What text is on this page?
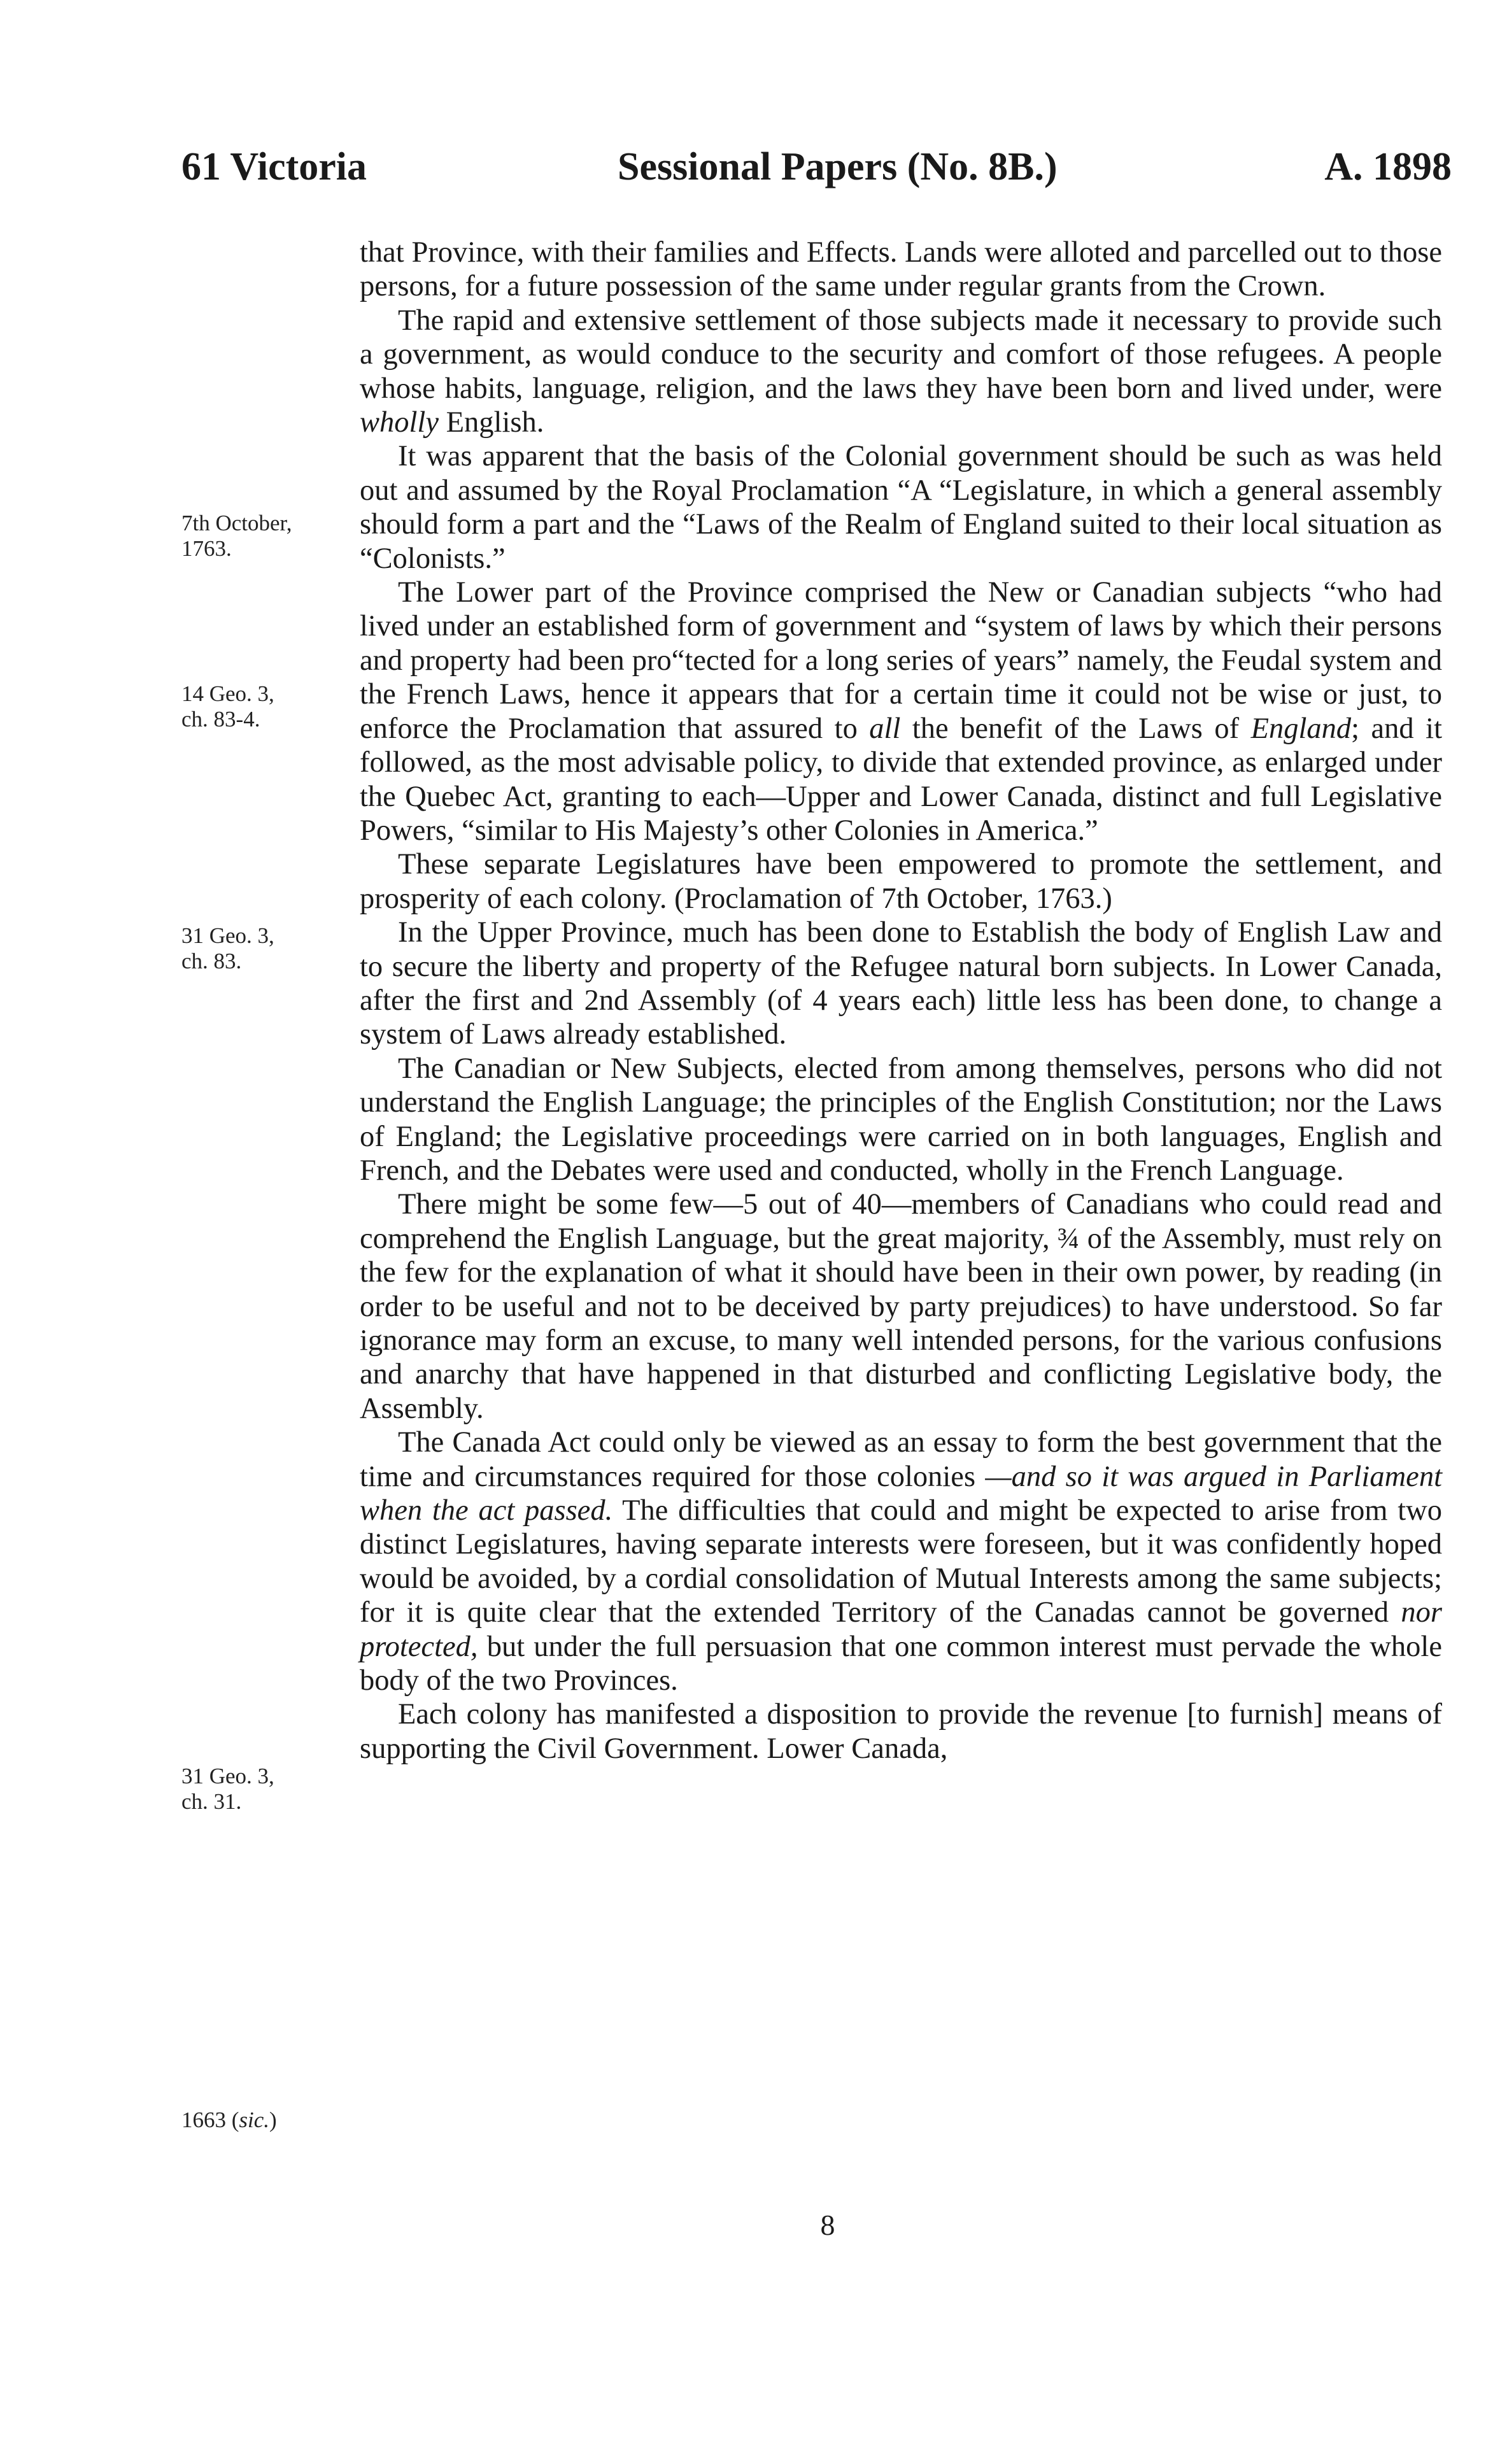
61 Victoria	Sessional Papers (No. 8B.)	A. 1898
7th October,
1763.
14 Geo. 3,
ch. 83-4.
31 Geo. 3,
ch. 83.
31 Geo. 3,
ch. 31.
1663 (sic.)

that Province, with their families and Effects. Lands were alloted and parcelled out to those persons, for a future possession of the same under regular grants from the Crown.

The rapid and extensive settlement of those subjects made it necessary to provide such a government, as would conduce to the security and comfort of those refugees. A people whose habits, language, religion, and the laws they have been born and lived under, were wholly English.

It was apparent that the basis of the Colonial government should be such as was held out and assumed by the Royal Proclamation “A “Legislature, in which a general assembly should form a part and the “Laws of the Realm of England suited to their local situation as “Colonists.”

The Lower part of the Province comprised the New or Canadian subjects “who had lived under an established form of government and “system of laws by which their persons and property had been pro“tected for a long series of years” namely, the Feudal system and the French Laws, hence it appears that for a certain time it could not be wise or just, to enforce the Proclamation that assured to all the benefit of the Laws of England; and it followed, as the most advisable policy, to divide that extended province, as enlarged under the Quebec Act, granting to each—Upper and Lower Canada, distinct and full Legislative Powers, “similar to His Majesty’s other Colonies in America.”

These separate Legislatures have been empowered to promote the settlement, and prosperity of each colony. (Proclamation of 7th October, 1763.)

In the Upper Province, much has been done to Establish the body of English Law and to secure the liberty and property of the Refugee natural born subjects. In Lower Canada, after the first and 2nd Assembly (of 4 years each) little less has been done, to change a system of Laws already established.

The Canadian or New Subjects, elected from among themselves, persons who did not understand the English Language; the principles of the English Constitution; nor the Laws of England; the Legislative proceedings were carried on in both languages, English and French, and the Debates were used and conducted, wholly in the French Language.

There might be some few—5 out of 40—members of Canadians who could read and comprehend the English Language, but the great majority, ¾ of the Assembly, must rely on the few for the explanation of what it should have been in their own power, by reading (in order to be useful and not to be deceived by party prejudices) to have understood. So far ignorance may form an excuse, to many well intended persons, for the various confusions and anarchy that have happened in that disturbed and conflicting Legislative body, the Assembly.

The Canada Act could only be viewed as an essay to form the best government that the time and circumstances required for those colonies —and so it was argued in Parliament when the act passed. The difficulties that could and might be expected to arise from two distinct Legislatures, having separate interests were foreseen, but it was confidently hoped would be avoided, by a cordial consolidation of Mutual Interests among the same subjects; for it is quite clear that the extended Territory of the Canadas cannot be governed nor protected, but under the full persuasion that one common interest must pervade the whole body of the two Provinces.

Each colony has manifested a disposition to provide the revenue [to furnish] means of supporting the Civil Government. Lower Canada,

8
